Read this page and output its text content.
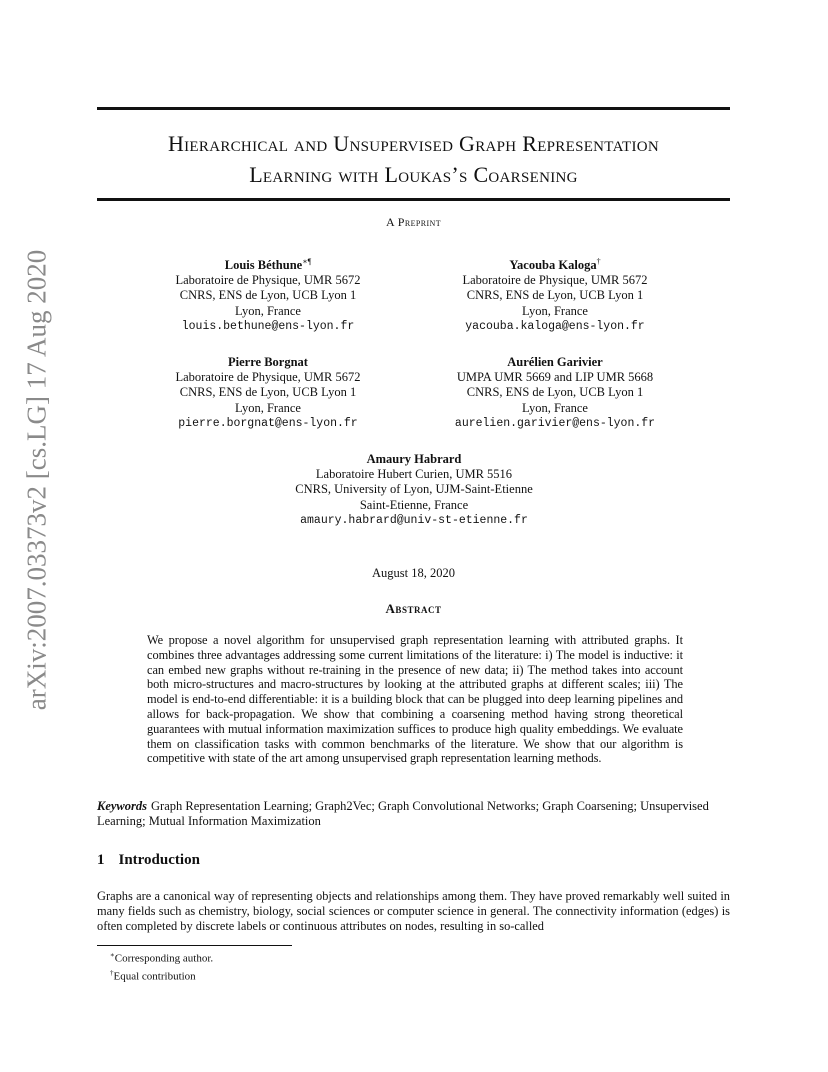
arXiv:2007.03373v2 [cs.LG] 17 Aug 2020
Hierarchical and Unsupervised Graph Representation
Learning with Loukas’s Coarsening
A Preprint
Louis Béthune∗¶
Laboratoire de Physique, UMR 5672
CNRS, ENS de Lyon, UCB Lyon 1
Lyon, France
louis.bethune@ens-lyon.fr
Yacouba Kaloga†
Laboratoire de Physique, UMR 5672
CNRS, ENS de Lyon, UCB Lyon 1
Lyon, France
yacouba.kaloga@ens-lyon.fr
Pierre Borgnat
Laboratoire de Physique, UMR 5672
CNRS, ENS de Lyon, UCB Lyon 1
Lyon, France
pierre.borgnat@ens-lyon.fr
Aurélien Garivier
UMPA UMR 5669 and LIP UMR 5668
CNRS, ENS de Lyon, UCB Lyon 1
Lyon, France
aurelien.garivier@ens-lyon.fr
Amaury Habrard
Laboratoire Hubert Curien, UMR 5516
CNRS, University of Lyon, UJM-Saint-Etienne
Saint-Etienne, France
amaury.habrard@univ-st-etienne.fr
August 18, 2020
Abstract
We propose a novel algorithm for unsupervised graph representation learning with attributed graphs. It combines three advantages addressing some current limitations of the literature: i) The model is inductive: it can embed new graphs without re-training in the presence of new data; ii) The method takes into account both micro-structures and macro-structures by looking at the attributed graphs at different scales; iii) The model is end-to-end differentiable: it is a building block that can be plugged into deep learning pipelines and allows for back-propagation. We show that combining a coarsening method having strong theoretical guarantees with mutual information maximization suffices to produce high quality embeddings. We evaluate them on classification tasks with common benchmarks of the literature. We show that our algorithm is competitive with state of the art among unsupervised graph representation learning methods.
Keywords Graph Representation Learning; Graph2Vec; Graph Convolutional Networks; Graph Coarsening; Unsupervised Learning; Mutual Information Maximization
1 Introduction
Graphs are a canonical way of representing objects and relationships among them. They have proved remarkably well suited in many fields such as chemistry, biology, social sciences or computer science in general. The connectivity information (edges) is often completed by discrete labels or continuous attributes on nodes, resulting in so-called
∗Corresponding author.
†Equal contribution
